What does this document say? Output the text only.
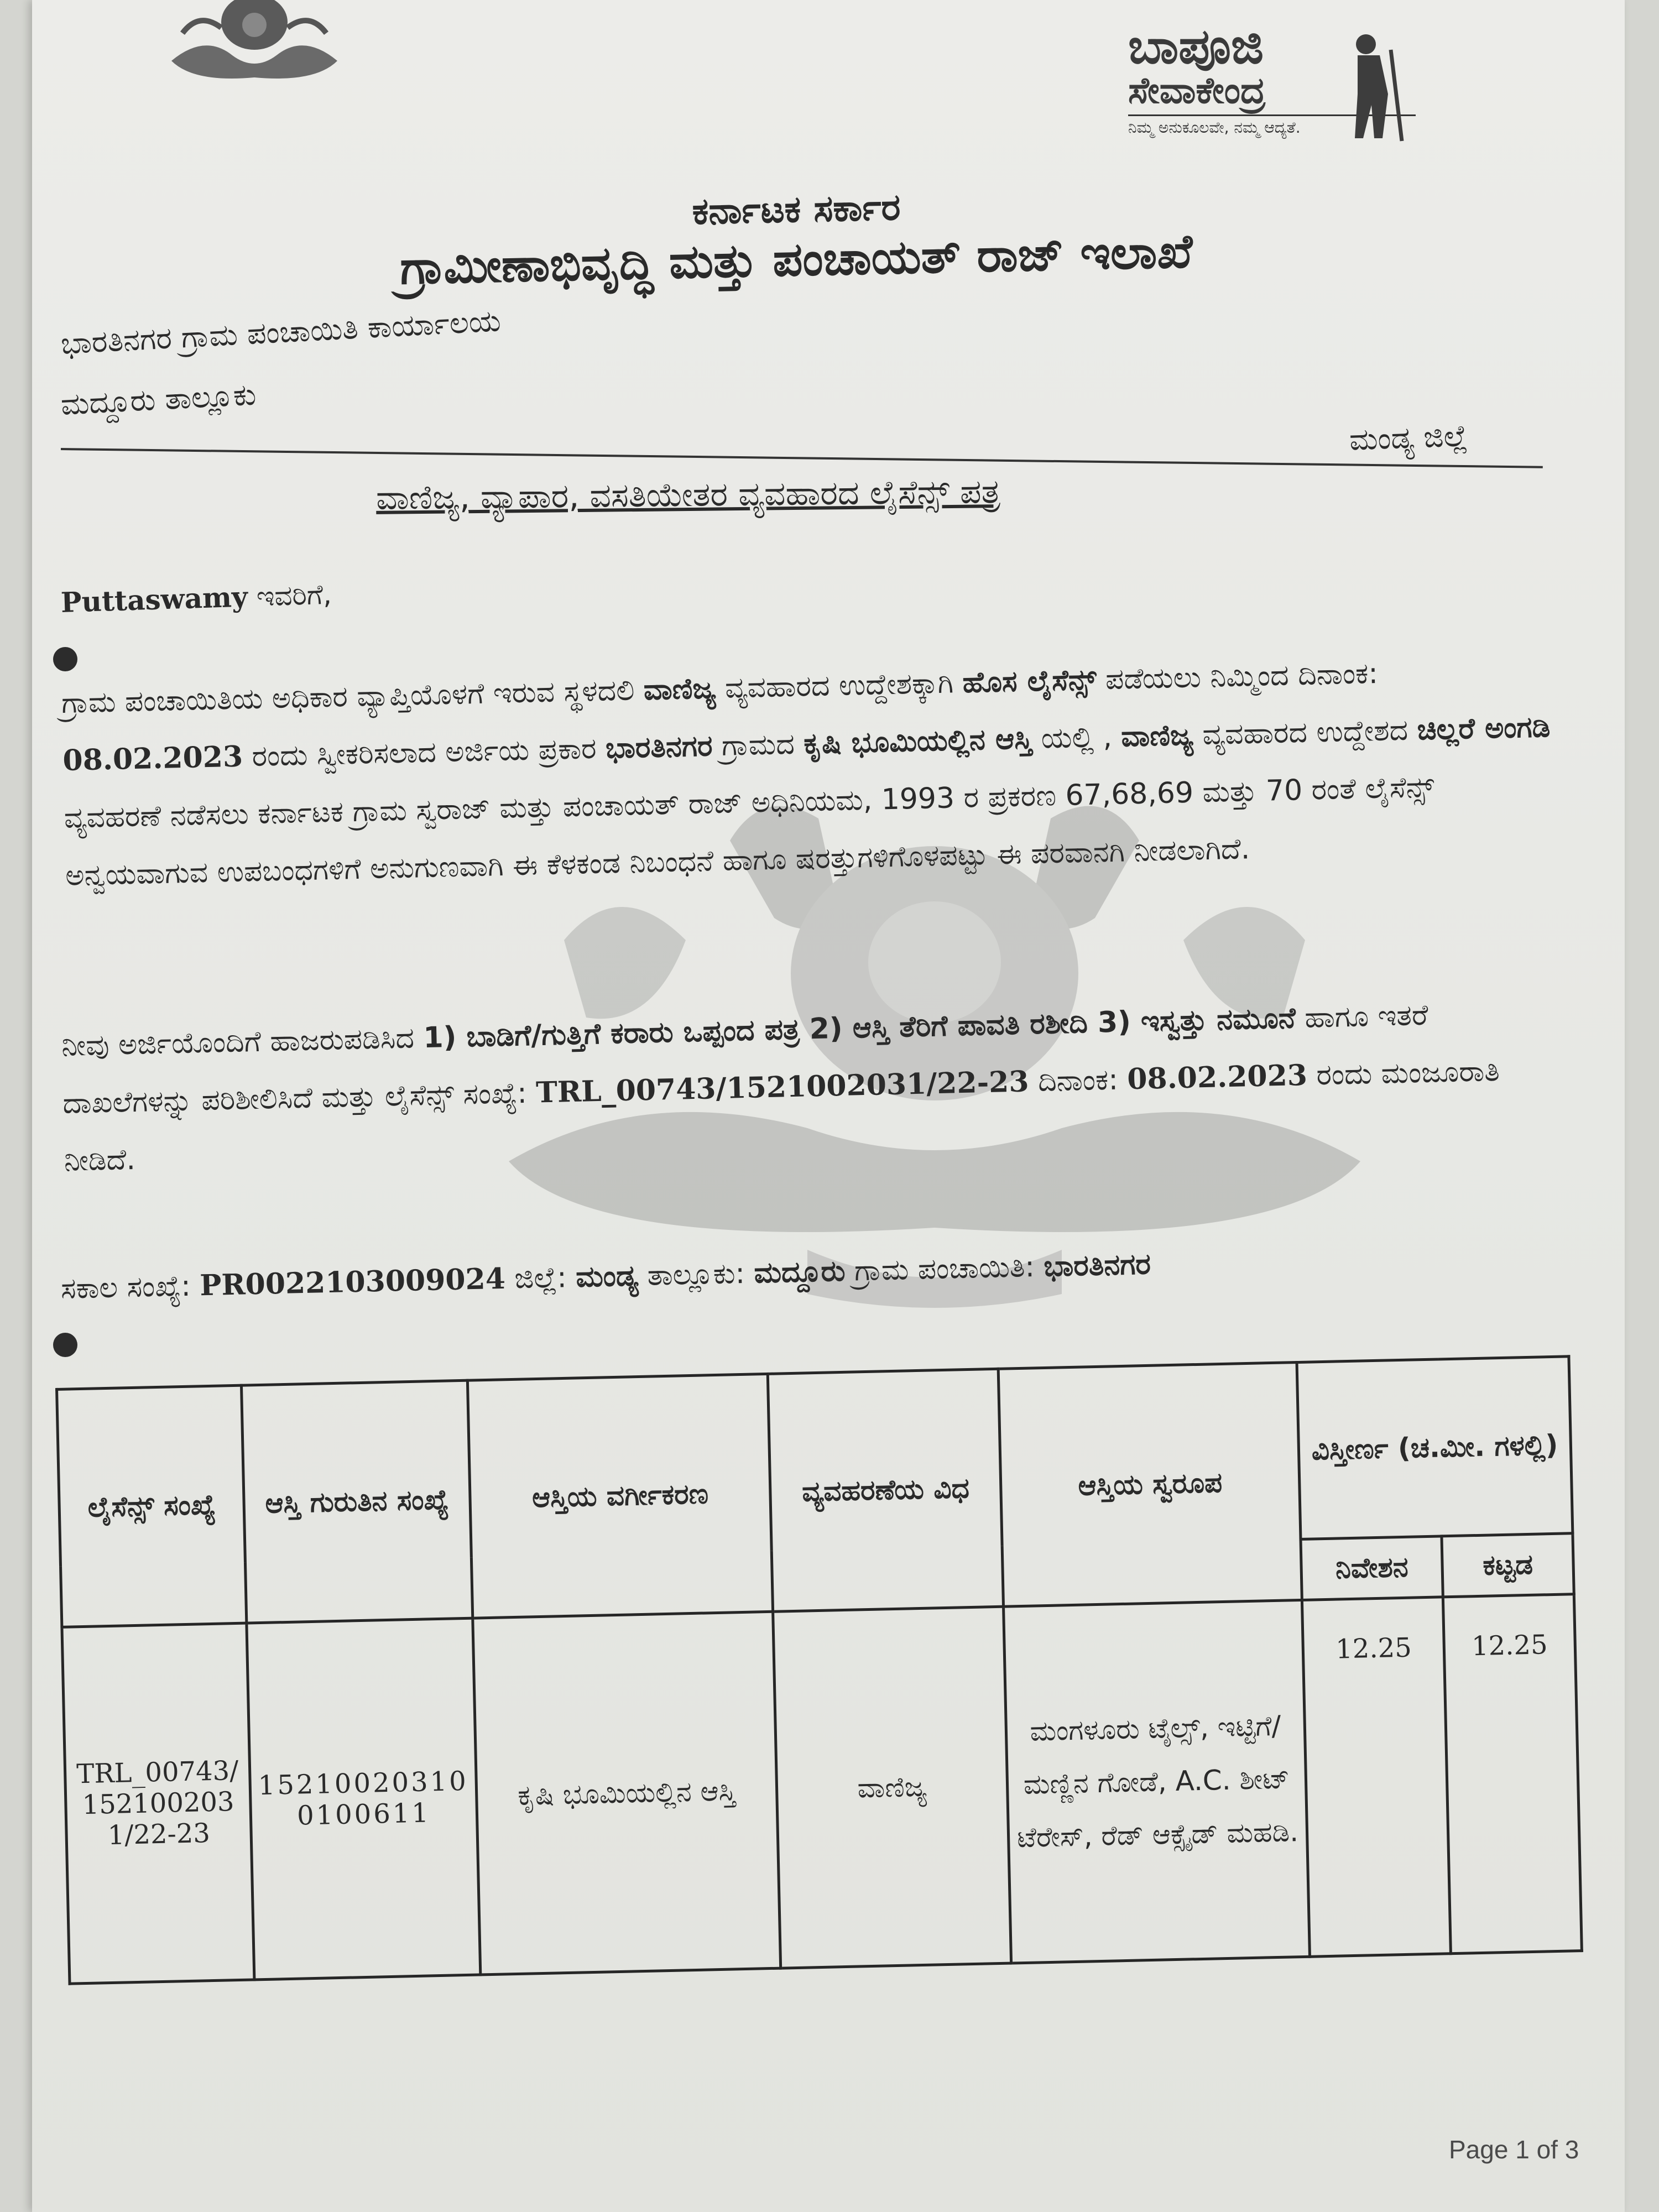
ಬಾಪೂಜಿ
ಸೇವಾಕೇಂದ್ರ
ನಿಮ್ಮ ಅನುಕೂಲವೇ, ನಮ್ಮ ಆದ್ಯತೆ.
ಕರ್ನಾಟಕ ಸರ್ಕಾರ
ಗ್ರಾಮೀಣಾಭಿವೃದ್ಧಿ ಮತ್ತು ಪಂಚಾಯತ್ ರಾಜ್ ಇಲಾಖೆ
ಭಾರತಿನಗರ ಗ್ರಾಮ ಪಂಚಾಯಿತಿ ಕಾರ್ಯಾಲಯ
ಮದ್ದೂರು ತಾಲ್ಲೂಕು
ಮಂಡ್ಯ ಜಿಲ್ಲೆ
ವಾಣಿಜ್ಯ, ವ್ಯಾಪಾರ, ವಸತಿಯೇತರ ವ್ಯವಹಾರದ ಲೈಸೆನ್ಸ್ ಪತ್ರ
Puttaswamy ಇವರಿಗೆ,
ಗ್ರಾಮ ಪಂಚಾಯಿತಿಯ ಅಧಿಕಾರ ವ್ಯಾಪ್ತಿಯೊಳಗೆ ಇರುವ ಸ್ಥಳದಲಿ ವಾಣಿಜ್ಯ ವ್ಯವಹಾರದ ಉದ್ದೇಶಕ್ಕಾಗಿ ಹೊಸ ಲೈಸೆನ್ಸ್ ಪಡೆಯಲು ನಿಮ್ಮಿಂದ ದಿನಾಂಕ: 08.02.2023 ರಂದು ಸ್ವೀಕರಿಸಲಾದ ಅರ್ಜಿಯ ಪ್ರಕಾರ ಭಾರತಿನಗರ ಗ್ರಾಮದ ಕೃಷಿ ಭೂಮಿಯಲ್ಲಿನ ಆಸ್ತಿ ಯಲ್ಲಿ , ವಾಣಿಜ್ಯ ವ್ಯವಹಾರದ ಉದ್ದೇಶದ ಚಿಲ್ಲರೆ ಅಂಗಡಿ ವ್ಯವಹರಣೆ ನಡೆಸಲು ಕರ್ನಾಟಕ ಗ್ರಾಮ ಸ್ವರಾಜ್ ಮತ್ತು ಪಂಚಾಯತ್ ರಾಜ್ ಅಧಿನಿಯಮ, 1993 ರ ಪ್ರಕರಣ 67,68,69 ಮತ್ತು 70 ರಂತೆ ಲೈಸೆನ್ಸ್ ಅನ್ವಯವಾಗುವ ಉಪಬಂಧಗಳಿಗೆ ಅನುಗುಣವಾಗಿ ಈ ಕೆಳಕಂಡ ನಿಬಂಧನೆ ಹಾಗೂ ಷರತ್ತುಗಳಿಗೊಳಪಟ್ಟು ಈ ಪರವಾನಗಿ ನೀಡಲಾಗಿದೆ.
ನೀವು ಅರ್ಜಿಯೊಂದಿಗೆ ಹಾಜರುಪಡಿಸಿದ 1) ಬಾಡಿಗೆ/ಗುತ್ತಿಗೆ ಕರಾರು ಒಪ್ಪಂದ ಪತ್ರ 2) ಆಸ್ತಿ ತೆರಿಗೆ ಪಾವತಿ ರಶೀದಿ 3) ಇಸ್ವತ್ತು ನಮೂನೆ ಹಾಗೂ ಇತರೆ ದಾಖಲೆಗಳನ್ನು ಪರಿಶೀಲಿಸಿದೆ ಮತ್ತು ಲೈಸೆನ್ಸ್ ಸಂಖ್ಯೆ: TRL_00743/1521002031/22-23 ದಿನಾಂಕ: 08.02.2023 ರಂದು ಮಂಜೂರಾತಿ ನೀಡಿದೆ.
ಸಕಾಲ ಸಂಖ್ಯೆ: PR0022103009024 ಜಿಲ್ಲೆ: ಮಂಡ್ಯ ತಾಲ್ಲೂಕು: ಮದ್ದೂರು ಗ್ರಾಮ ಪಂಚಾಯಿತಿ: ಭಾರತಿನಗರ
ಲೈಸೆನ್ಸ್ ಸಂಖ್ಯೆ	ಆಸ್ತಿ ಗುರುತಿನ ಸಂಖ್ಯೆ	ಆಸ್ತಿಯ ವರ್ಗೀಕರಣ	ವ್ಯವಹರಣೆಯ ವಿಧ	ಆಸ್ತಿಯ ಸ್ವರೂಪ	ವಿಸ್ತೀರ್ಣ (ಚ.ಮೀ. ಗಳಲ್ಲಿ)	
					ನಿವೇಶನ	ಕಟ್ಟಡ
TRL_00743/1521002031/22-23	152100203100100611	ಕೃಷಿ ಭೂಮಿಯಲ್ಲಿನ ಆಸ್ತಿ	ವಾಣಿಜ್ಯ	ಮಂಗಳೂರು ಟೈಲ್ಸ್, ಇಟ್ಟಿಗೆ/ ಮಣ್ಣಿನ ಗೋಡೆ, A.C. ಶೀಟ್ ಟೆರೇಸ್, ರೆಡ್ ಆಕ್ಸೈಡ್ ಮಹಡಿ.	12.25	12.25
Page 1 of 3
